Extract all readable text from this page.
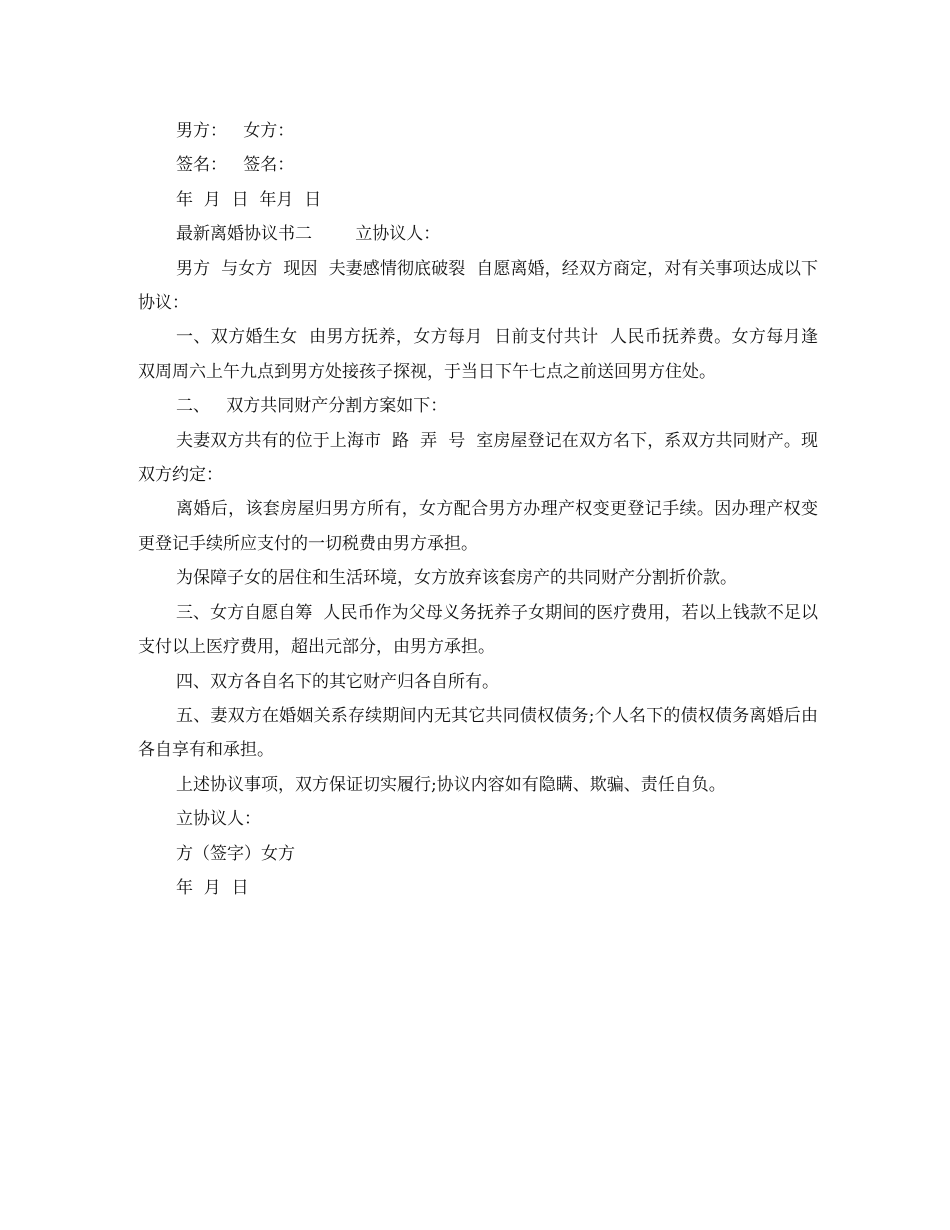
男方：   女方：

签名：   签名：

年  月  日  年月  日

最新离婚协议书二        立协议人：

男方  与女方  现因  夫妻感情彻底破裂  自愿离婚，经双方商定，对有关事项达成以下协议：

一、双方婚生女  由男方抚养，女方每月  日前支付共计  人民币抚养费。女方每月逢双周周六上午九点到男方处接孩子探视，于当日下午七点之前送回男方住处。

二、   双方共同财产分割方案如下：

夫妻双方共有的位于上海市  路  弄  号  室房屋登记在双方名下，系双方共同财产。现双方约定：

离婚后，该套房屋归男方所有，女方配合男方办理产权变更登记手续。因办理产权变更登记手续所应支付的一切税费由男方承担。

为保障子女的居住和生活环境，女方放弃该套房产的共同财产分割折价款。

三、女方自愿自筹  人民币作为父母义务抚养子女期间的医疗费用，若以上钱款不足以支付以上医疗费用，超出元部分，由男方承担。

四、双方各自名下的其它财产归各自所有。

五、妻双方在婚姻关系存续期间内无其它共同债权债务;个人名下的债权债务离婚后由各自享有和承担。

上述协议事项，双方保证切实履行;协议内容如有隐瞒、欺骗、责任自负。

立协议人：

方（签字）女方

年  月  日
